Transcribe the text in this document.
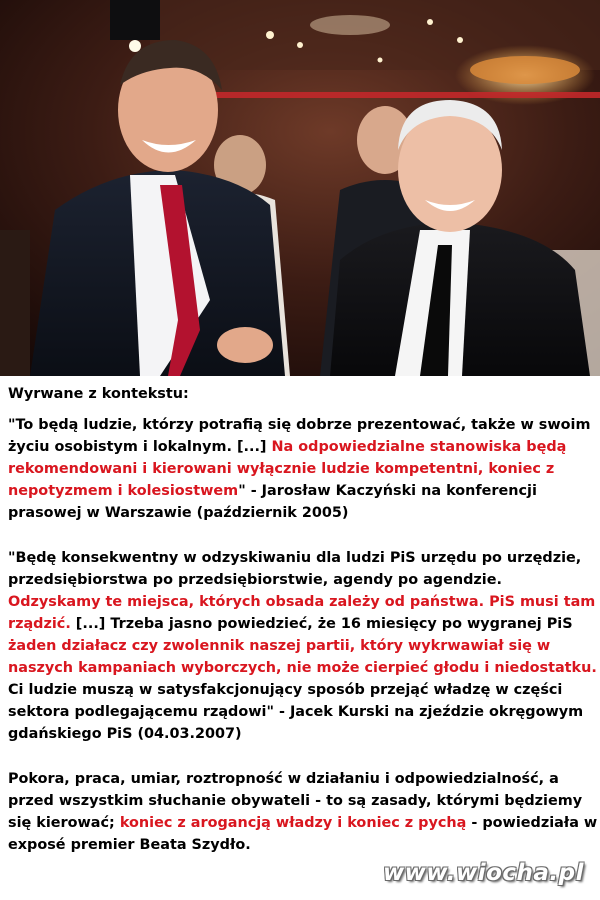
Wyrwane z kontekstu:
"To będą ludzie, którzy potrafią się dobrze prezentować, także w swoim życiu osobistym i lokalnym. [...] Na odpowiedzialne stanowiska będą rekomendowani i kierowani wyłącznie ludzie kompetentni, koniec z nepotyzmem i kolesiostwem" - Jarosław Kaczyński na konferencji prasowej w Warszawie (październik 2005)
"Będę konsekwentny w odzyskiwaniu dla ludzi PiS urzędu po urzędzie, przedsiębiorstwa po przedsiębiorstwie, agendy po agendzie. Odzyskamy te miejsca, których obsada zależy od państwa. PiS musi tam rządzić. [...] Trzeba jasno powiedzieć, że 16 miesięcy po wygranej PiS żaden działacz czy zwolennik naszej partii, który wykrwawiał się w naszych kampaniach wyborczych, nie może cierpieć głodu i niedostatku. Ci ludzie muszą w satysfakcjonujący sposób przejąć władzę w części sektora podlegającemu rządowi" - Jacek Kurski na zjeździe okręgowym gdańskiego PiS (04.03.2007)
Pokora, praca, umiar, roztropność w działaniu i odpowiedzialność, a przed wszystkim słuchanie obywateli - to są zasady, którymi będziemy się kierować; koniec z arogancją władzy i koniec z pychą - powiedziała w exposé premier Beata Szydło.
www.wiocha.pl
